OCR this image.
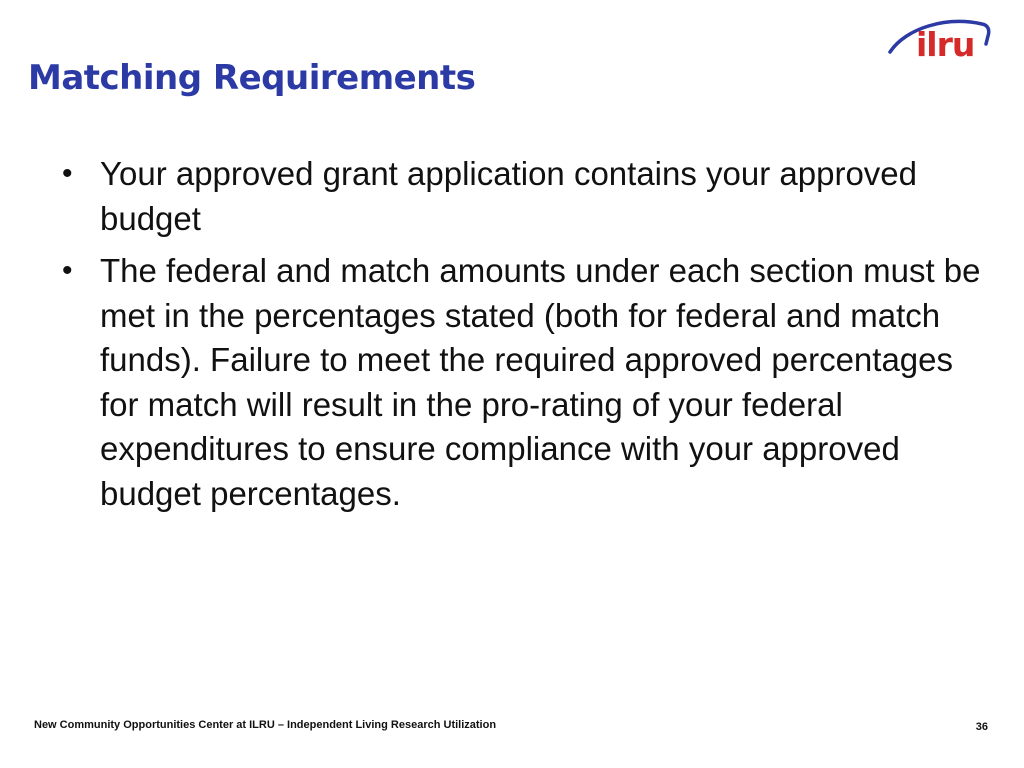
Matching Requirements
ilru
• Your approved grant application contains your approved budget
• The federal and match amounts under each section must be met in the percentages stated (both for federal and match funds). Failure to meet the required approved percentages for match will result in the pro-rating of your federal expenditures to ensure compliance with your approved budget percentages.
New Community Opportunities Center at ILRU – Independent Living Research Utilization	36
